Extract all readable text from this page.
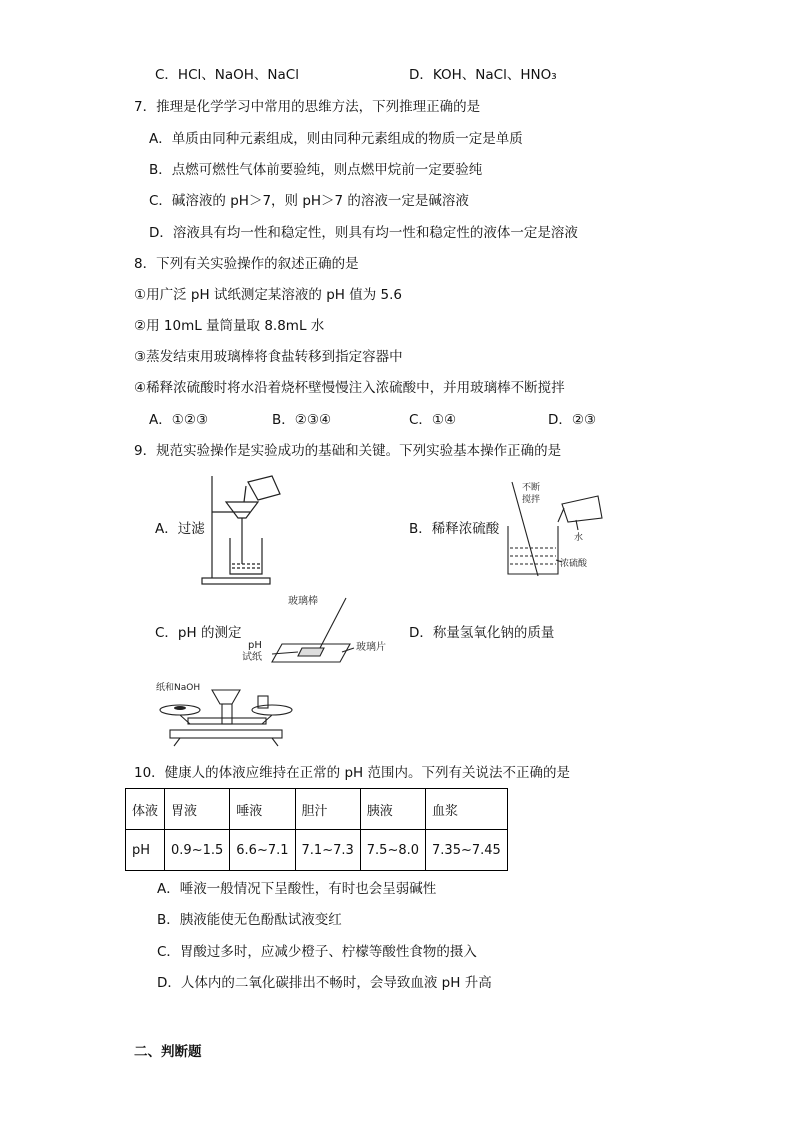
C．HCl、NaOH、NaCl	D．KOH、NaCl、HNO₃
7．推理是化学学习中常用的思维方法，下列推理正确的是
A．单质由同种元素组成，则由同种元素组成的物质一定是单质
B．点燃可燃性气体前要验纯，则点燃甲烷前一定要验纯
C．碱溶液的 pH＞7，则 pH＞7 的溶液一定是碱溶液
D．溶液具有均一性和稳定性，则具有均一性和稳定性的液体一定是溶液
8．下列有关实验操作的叙述正确的是
①用广泛 pH 试纸测定某溶液的 pH 值为 5.6
②用 10mL 量筒量取 8.8mL 水
③蒸发结束用玻璃棒将食盐转移到指定容器中
④稀释浓硫酸时将水沿着烧杯壁慢慢注入浓硫酸中，并用玻璃棒不断搅拌
A．①②③	B．②③④	C．①④	D．②③
9．规范实验操作是实验成功的基础和关键。下列实验基本操作正确的是
A．过滤	B．稀释浓硫酸
C．pH 的测定	D．称量氢氧化钠的质量
不断
搅拌
水
浓硫酸
玻璃棒
pH
试纸
玻璃片
纸和NaOH
10．健康人的体液应维持在正常的 pH 范围内。下列有关说法不正确的是
体液	胃液	唾液	胆汁	胰液	血浆
pH	0.9~1.5	6.6~7.1	7.1~7.3	7.5~8.0	7.35~7.45
A．唾液一般情况下呈酸性，有时也会呈弱碱性
B．胰液能使无色酚酞试液变红
C．胃酸过多时，应减少橙子、柠檬等酸性食物的摄入
D．人体内的二氧化碳排出不畅时，会导致血液 pH 升高
二、判断题
